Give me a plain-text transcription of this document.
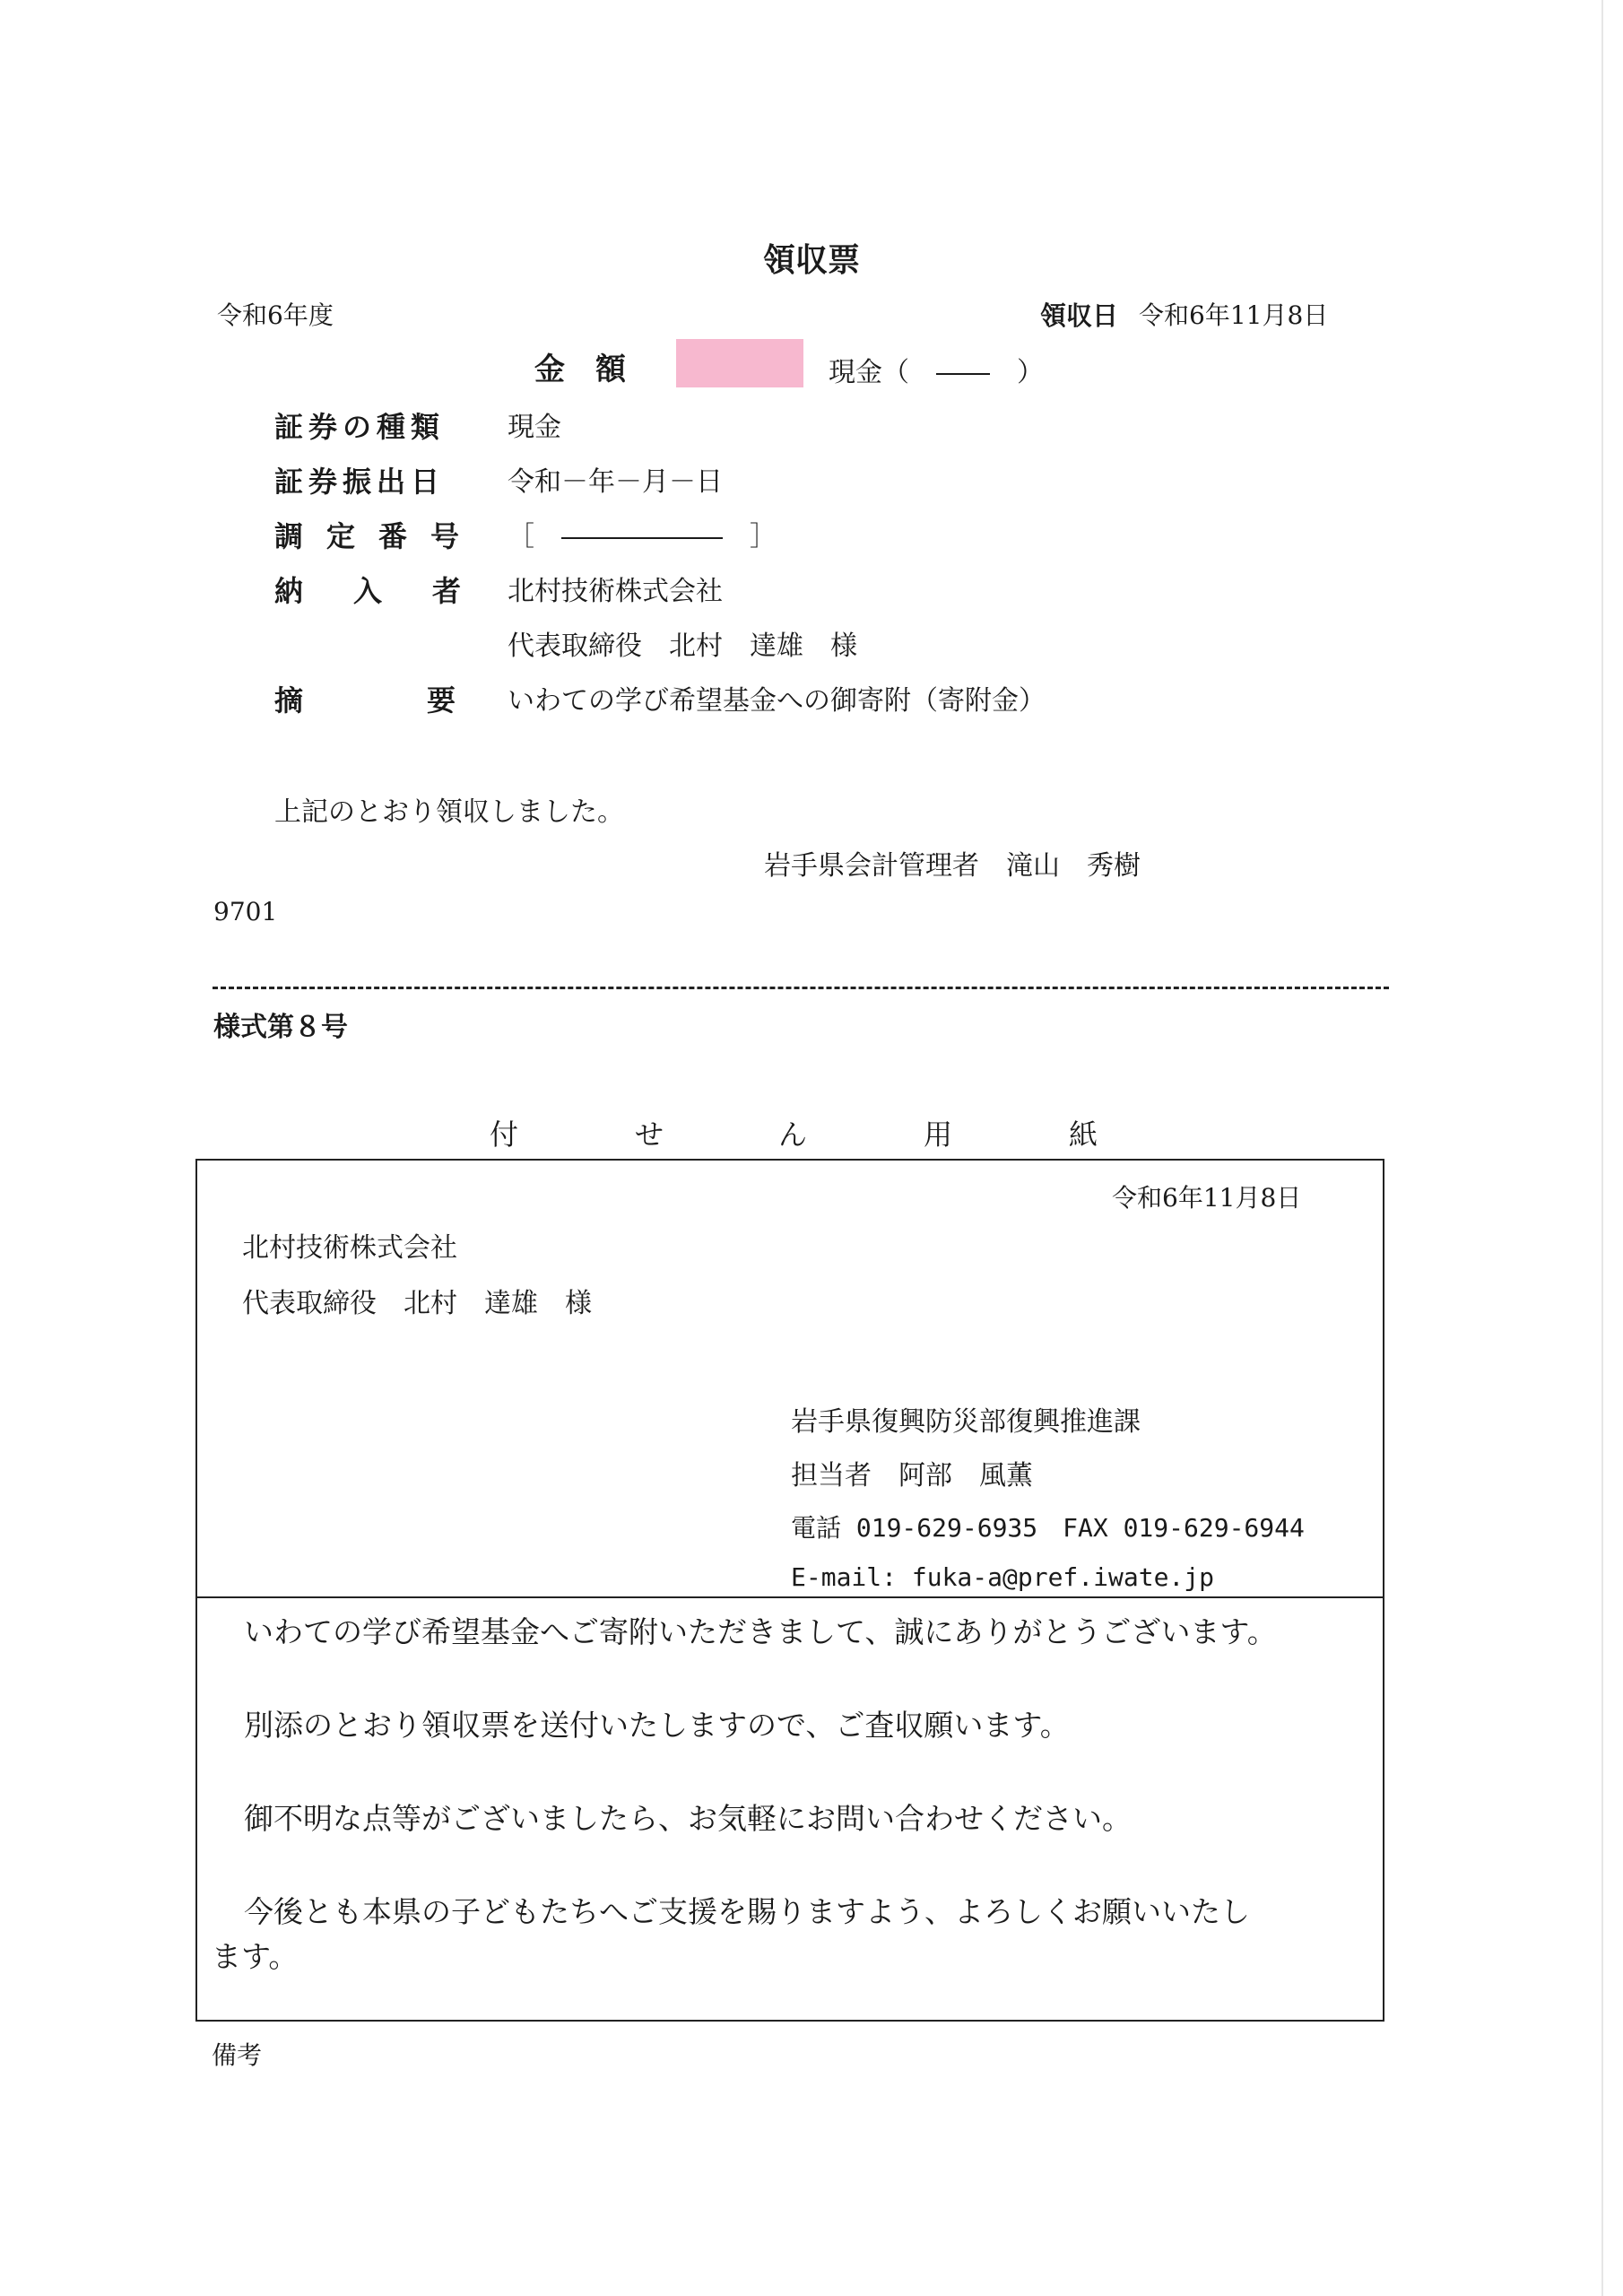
領収票
令和6年度	領収日 令和6年11月8日
金　額	現金（　――　）
証券の種類 現金
証券振出日 令和－年－月－日
調定番号 ［　――――――　］
納入者
北村技術株式会社
代表取締役　北村　達雄　様
摘要
いわての学び希望基金への御寄附（寄附金）
上記のとおり領収しました。
岩手県会計管理者　滝山　秀樹
9701
様式第８号
付	せ	ん	用	紙
令和6年11月8日
北村技術株式会社
代表取締役　北村　達雄　様
岩手県復興防災部復興推進課
担当者　阿部　風薫
電話 019-629-6935　FAX 019-629-6944
E-mail: fuka-a@pref.iwate.jp
いわての学び希望基金へご寄附いただきまして、誠にありがとうございます。
別添のとおり領収票を送付いたしますので、ご査収願います。
御不明な点等がございましたら、お気軽にお問い合わせください。
今後とも本県の子どもたちへご支援を賜りますよう、よろしくお願いいたし
ます。
備考
